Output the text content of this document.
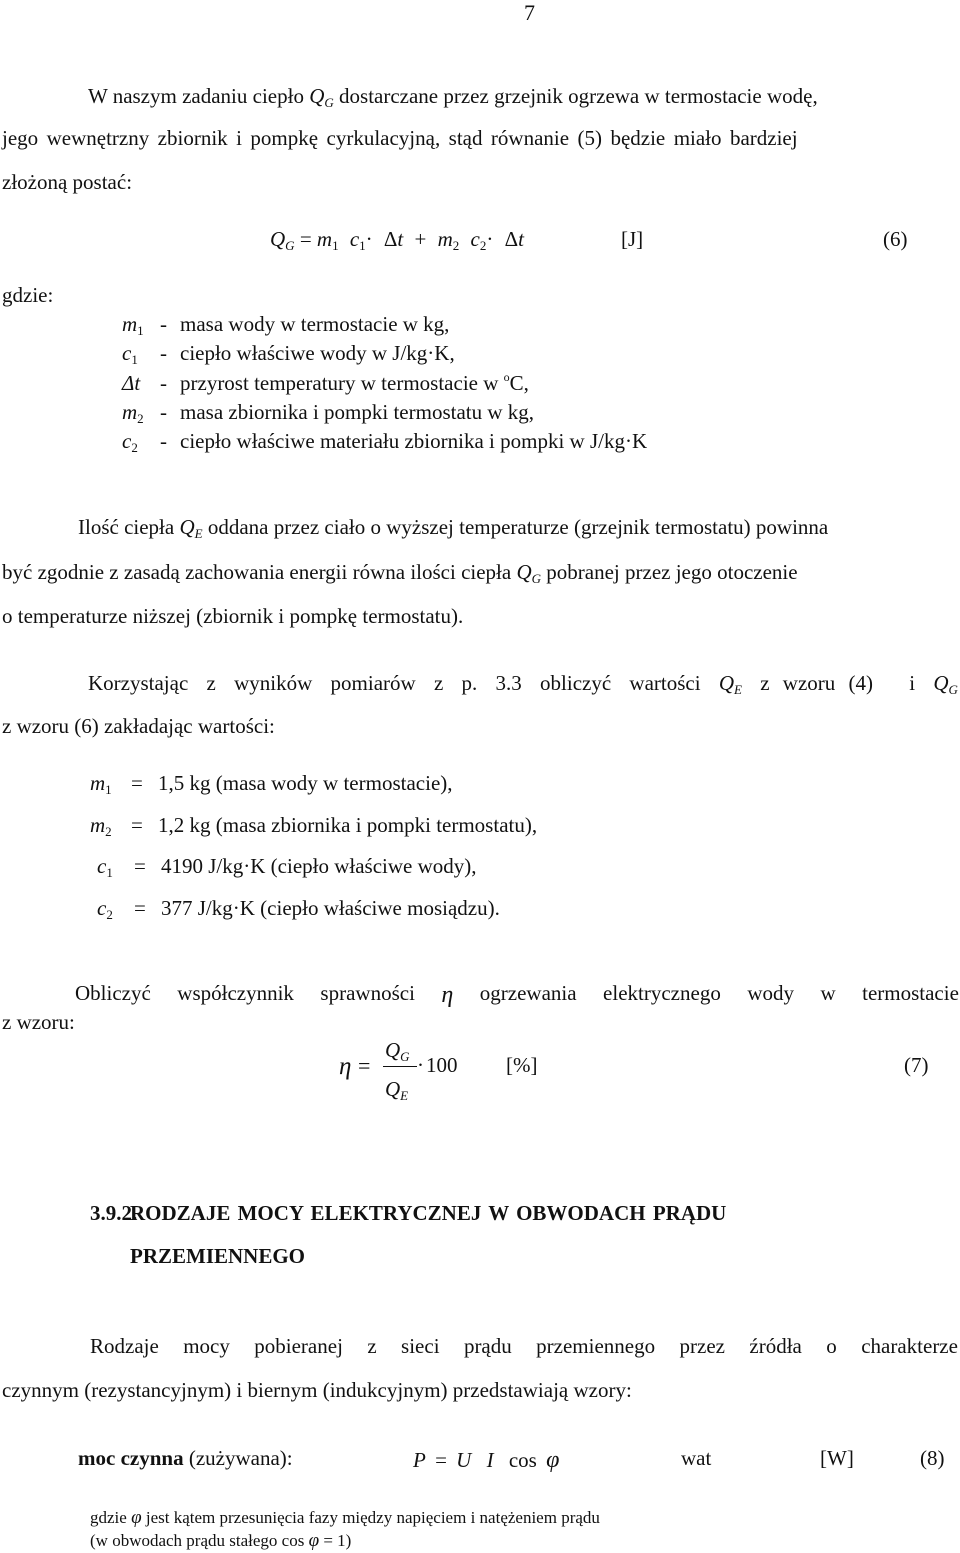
7
W naszym zadaniu ciepło $Q_G$ dostarczane przez grzejnik ogrzewa w termostacie wodę,
jego wewnętrzny zbiornik i pompkę cyrkulacyjną, stąd równanie (5) będzie miało bardziej
złożoną postać:
$Q_G = m_1$ $c_1\cdot \Delta t + m_2$ $c_2\cdot \Delta t$	[J]	(6)
gdzie:
$m_1$ - masa wody w termostacie w kg,
$c_1$ - ciepło właściwe wody w J/kg·K,
Δt - przyrost temperatury w termostacie w $^o$C,
$m_2$ - masa zbiornika i pompki termostatu w kg,
$c_2$ - ciepło właściwe materiału zbiornika i pompki w J/kg·K
Ilość ciepła $Q_E$ oddana przez ciało o wyższej temperaturze (grzejnik termostatu) powinna
być zgodnie z zasadą zachowania energii równa ilości ciepła $Q_G$ pobranej przez jego otoczenie
o temperaturze niższej (zbiornik i pompkę termostatu).
Korzystając z wyników pomiarów z p. 3.3 obliczyć wartości $Q_E$ z wzoru (4) i $Q_G$
z wzoru (6) zakładając wartości:
$m_1 = 1,5$ kg (masa wody w termostacie),
$m_2 = 1,2$ kg (masa zbiornika i pompki termostatu),
$c_1 = 4190$ J/kg·K (ciepło właściwe wody),
$c_2 = 377$ J/kg·K (ciepło właściwe mosiądzu).
Obliczyć współczynnik sprawności η ogrzewania elektrycznego wody w termostacie
z wzoru:
η =
$Q_G$
$Q_E$
·100 [%]	(7)
3.9.2.
RODZAJE MOCY ELEKTRYCZNEJ W OBWODACH PRĄDU
PRZEMIENNEGO
Rodzaje mocy pobieranej z sieci prądu przemiennego przez źródła o charakterze
czynnym (rezystancyjnym) i biernym (indukcyjnym) przedstawiają wzory:
moc czynna (zużywana):	P = U I cos φ	wat	[W]	(8)
gdzie φ jest kątem przesunięcia fazy między napięciem i natężeniem prądu
(w obwodach prądu stałego cos φ = 1)
